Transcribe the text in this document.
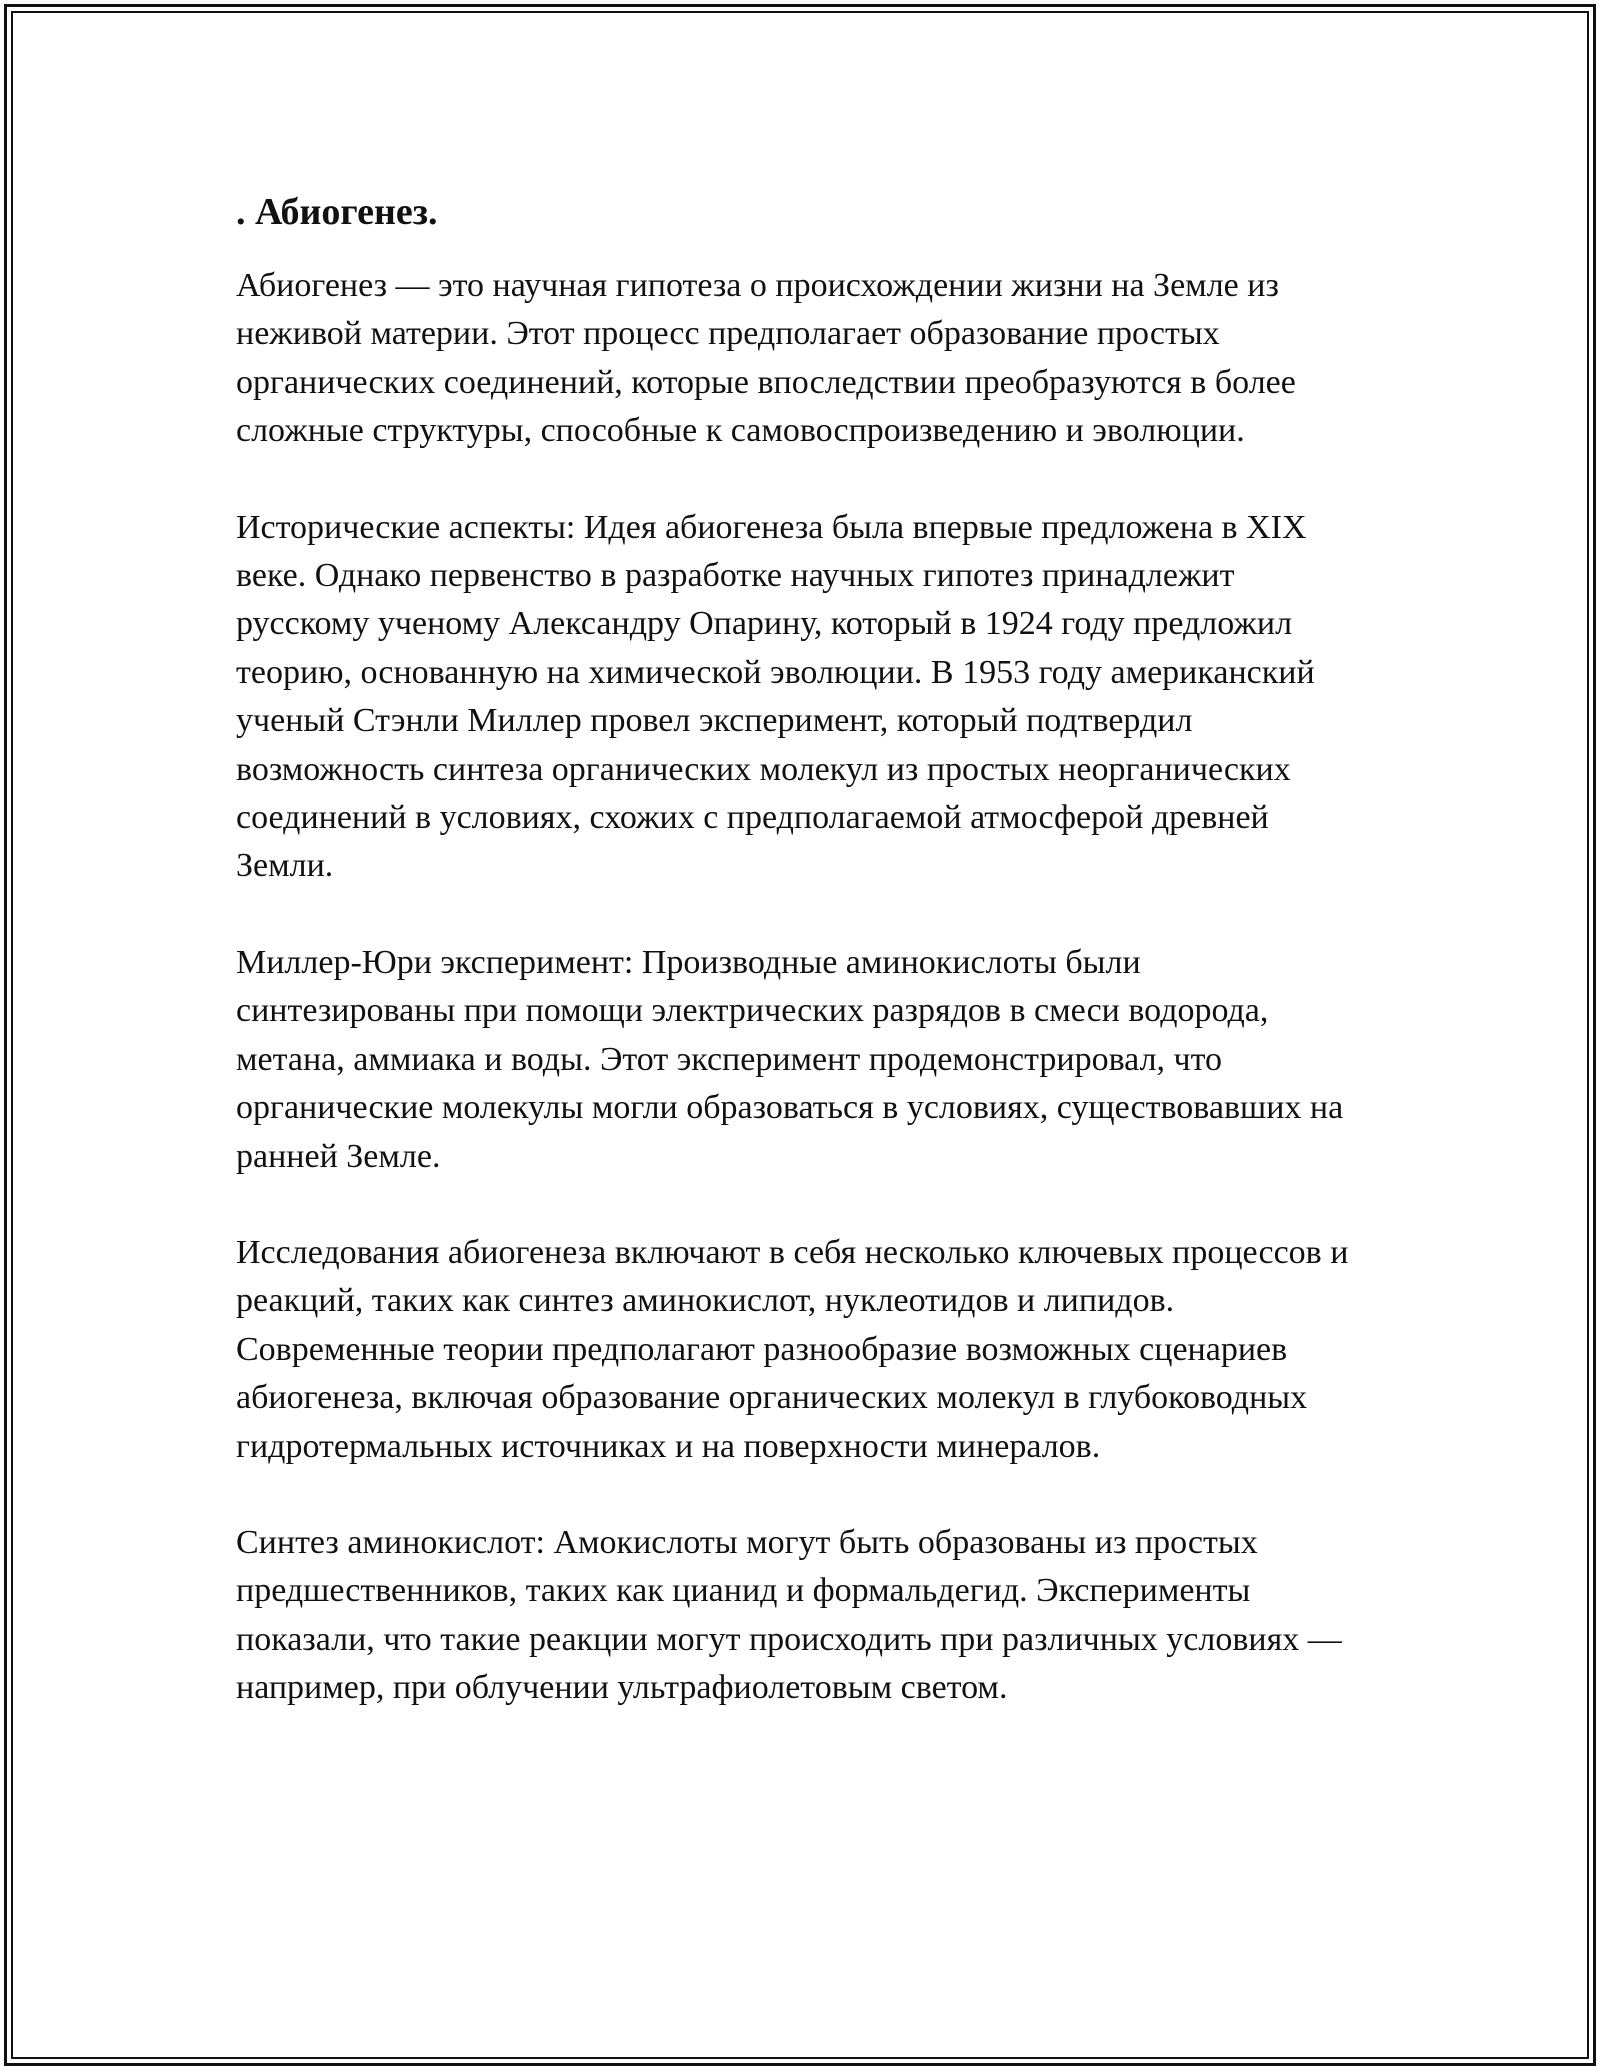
. Абиогенез.

Абиогенез — это научная гипотеза о происхождении жизни на Земле из неживой материи. Этот процесс предполагает образование простых органических соединений, которые впоследствии преобразуются в более сложные структуры, способные к самовоспроизведению и эволюции.

Исторические аспекты: Идея абиогенеза была впервые предложена в XIX веке. Однако первенство в разработке научных гипотез принадлежит русскому ученому Александру Опарину, который в 1924 году предложил теорию, основанную на химической эволюции. В 1953 году американский ученый Стэнли Миллер провел эксперимент, который подтвердил возможность синтеза органических молекул из простых неорганических соединений в условиях, схожих с предполагаемой атмосферой древней Земли.

Миллер-Юри эксперимент: Производные аминокислоты были синтезированы при помощи электрических разрядов в смеси водорода, метана, аммиака и воды. Этот эксперимент продемонстрировал, что органические молекулы могли образоваться в условиях, существовавших на ранней Земле.

Исследования абиогенеза включают в себя несколько ключевых процессов и реакций, таких как синтез аминокислот, нуклеотидов и липидов. Современные теории предполагают разнообразие возможных сценариев абиогенеза, включая образование органических молекул в глубоководных гидротермальных источниках и на поверхности минералов.

Синтез аминокислот: Амокислоты могут быть образованы из простых предшественников, таких как цианид и формальдегид. Эксперименты показали, что такие реакции могут происходить при различных условиях — например, при облучении ультрафиолетовым светом.
